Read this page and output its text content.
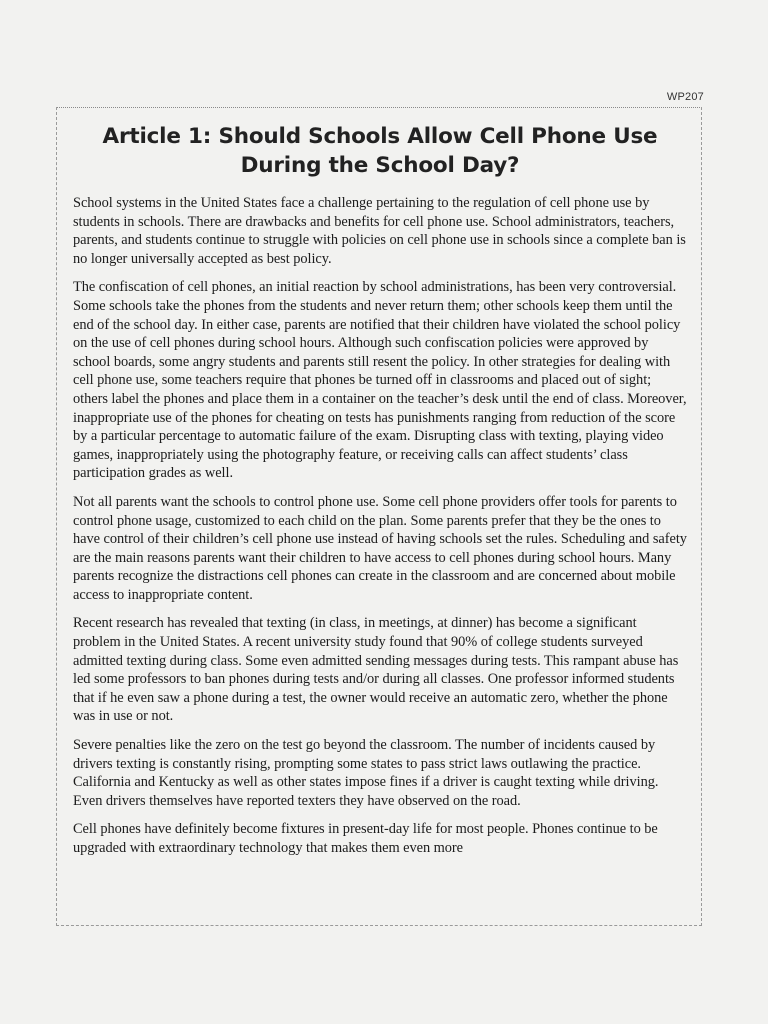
WP207
Article 1: Should Schools Allow Cell Phone Use
During the School Day?

School systems in the United States face a challenge pertaining to the regulation of cell phone use by students in schools. There are drawbacks and benefits for cell phone use. School administrators, teachers, parents, and students continue to struggle with policies on cell phone use in schools since a complete ban is no longer universally accepted as best policy.

The confiscation of cell phones, an initial reaction by school administrations, has been very controversial. Some schools take the phones from the students and never return them; other schools keep them until the end of the school day. In either case, parents are notified that their children have violated the school policy on the use of cell phones during school hours. Although such confiscation policies were approved by school boards, some angry students and parents still resent the policy. In other strategies for dealing with cell phone use, some teachers require that phones be turned off in classrooms and placed out of sight; others label the phones and place them in a container on the teacher’s desk until the end of class. Moreover, inappropriate use of the phones for cheating on tests has punishments ranging from reduction of the score by a particular percentage to automatic failure of the exam. Disrupting class with texting, playing video games, inappropriately using the photography feature, or receiving calls can affect students’ class participation grades as well.

Not all parents want the schools to control phone use. Some cell phone providers offer tools for parents to control phone usage, customized to each child on the plan. Some parents prefer that they be the ones to have control of their children’s cell phone use instead of having schools set the rules. Scheduling and safety are the main reasons parents want their children to have access to cell phones during school hours. Many parents recognize the distractions cell phones can create in the classroom and are concerned about mobile access to inappropriate content.

Recent research has revealed that texting (in class, in meetings, at dinner) has become a significant problem in the United States. A recent university study found that 90% of college students surveyed admitted texting during class. Some even admitted sending messages during tests. This rampant abuse has led some professors to ban phones during tests and/or during all classes. One professor informed students that if he even saw a phone during a test, the owner would receive an automatic zero, whether the phone was in use or not.

Severe penalties like the zero on the test go beyond the classroom. The number of incidents caused by drivers texting is constantly rising, prompting some states to pass strict laws outlawing the practice. California and Kentucky as well as other states impose fines if a driver is caught texting while driving. Even drivers themselves have reported texters they have observed on the road.

Cell phones have definitely become fixtures in present-day life for most people. Phones continue to be upgraded with extraordinary technology that makes them even more
